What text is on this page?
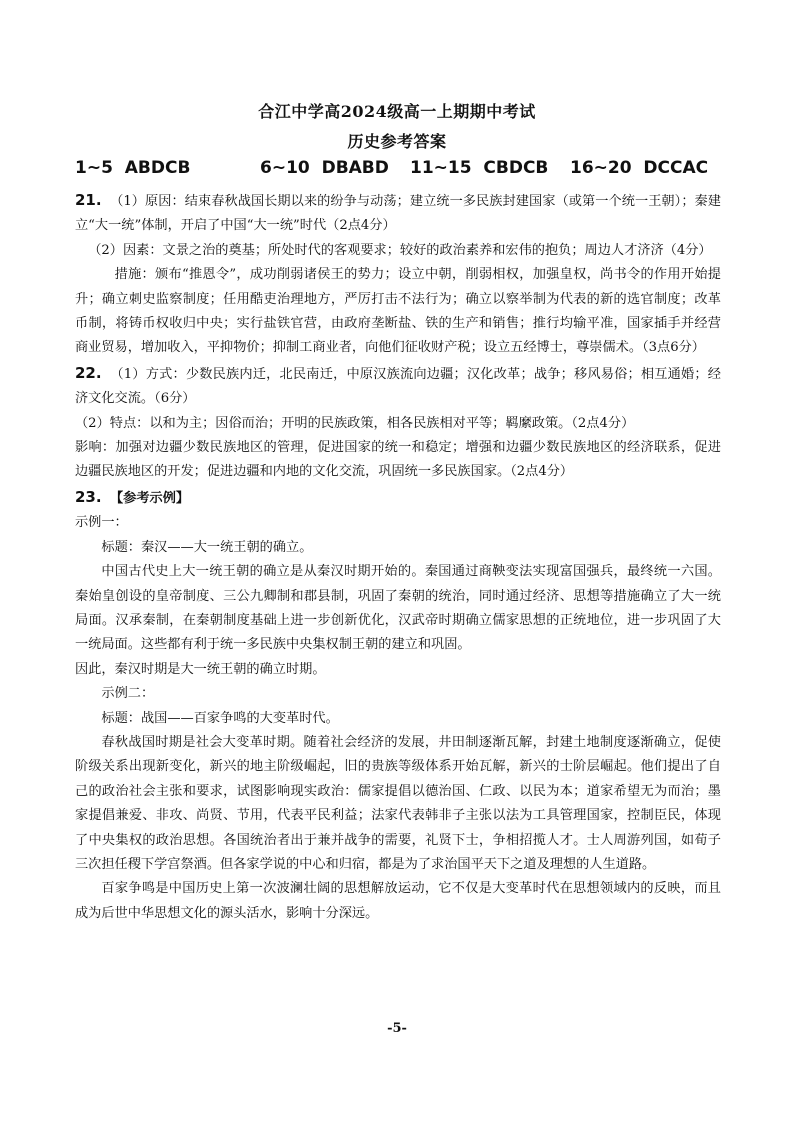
合江中学高2024级高一上期期中考试
历史参考答案
1~5 ABDCB	6~10 DBABD 11~15 CBDCB 16~20 DCCAC

21. （1）原因：结束春秋战国长期以来的纷争与动荡；建立统一多民族封建国家（或第一个统一王朝）；秦建立“大一统”体制，开启了中国“大一统”时代（2点4分）

（2）因素：文景之治的奠基；所处时代的客观要求；较好的政治素养和宏伟的抱负；周边人才济济（4分）

措施：颁布“推恩令”，成功削弱诸侯王的势力；设立中朝，削弱相权，加强皇权，尚书令的作用开始提升；确立刺史监察制度；任用酷吏治理地方，严厉打击不法行为；确立以察举制为代表的新的选官制度；改革币制，将铸币权收归中央；实行盐铁官营，由政府垄断盐、铁的生产和销售；推行均输平准，国家插手并经营商业贸易，增加收入，平抑物价；抑制工商业者，向他们征收财产税；设立五经博士，尊崇儒术。（3点6分）

22. （1）方式：少数民族内迁，北民南迁，中原汉族流向边疆；汉化改革；战争；移风易俗；相互通婚；经济文化交流。（6分）

（2）特点：以和为主；因俗而治；开明的民族政策，相各民族相对平等；羁縻政策。（2点4分）

影响：加强对边疆少数民族地区的管理，促进国家的统一和稳定；增强和边疆少数民族地区的经济联系，促进边疆民族地区的开发；促进边疆和内地的文化交流，巩固统一多民族国家。（2点4分）

23. 【参考示例】

示例一：

标题：秦汉——大一统王朝的确立。

中国古代史上大一统王朝的确立是从秦汉时期开始的。秦国通过商鞅变法实现富国强兵，最终统一六国。秦始皇创设的皇帝制度、三公九卿制和郡县制，巩固了秦朝的统治，同时通过经济、思想等措施确立了大一统局面。汉承秦制，在秦朝制度基础上进一步创新优化，汉武帝时期确立儒家思想的正统地位，进一步巩固了大一统局面。这些都有利于统一多民族中央集权制王朝的建立和巩固。

因此，秦汉时期是大一统王朝的确立时期。

示例二：

标题：战国——百家争鸣的大变革时代。

春秋战国时期是社会大变革时期。随着社会经济的发展，井田制逐渐瓦解，封建土地制度逐渐确立，促使阶级关系出现新变化，新兴的地主阶级崛起，旧的贵族等级体系开始瓦解，新兴的士阶层崛起。他们提出了自己的政治社会主张和要求，试图影响现实政治：儒家提倡以德治国、仁政、以民为本；道家希望无为而治；墨家提倡兼爱、非攻、尚贤、节用，代表平民利益；法家代表韩非子主张以法为工具管理国家，控制臣民，体现了中央集权的政治思想。各国统治者出于兼并战争的需要，礼贤下士，争相招揽人才。士人周游列国，如荀子三次担任稷下学宫祭酒。但各家学说的中心和归宿，都是为了求治国平天下之道及理想的人生道路。

百家争鸣是中国历史上第一次波澜壮阔的思想解放运动，它不仅是大变革时代在思想领域内的反映，而且成为后世中华思想文化的源头活水，影响十分深远。

-5-
